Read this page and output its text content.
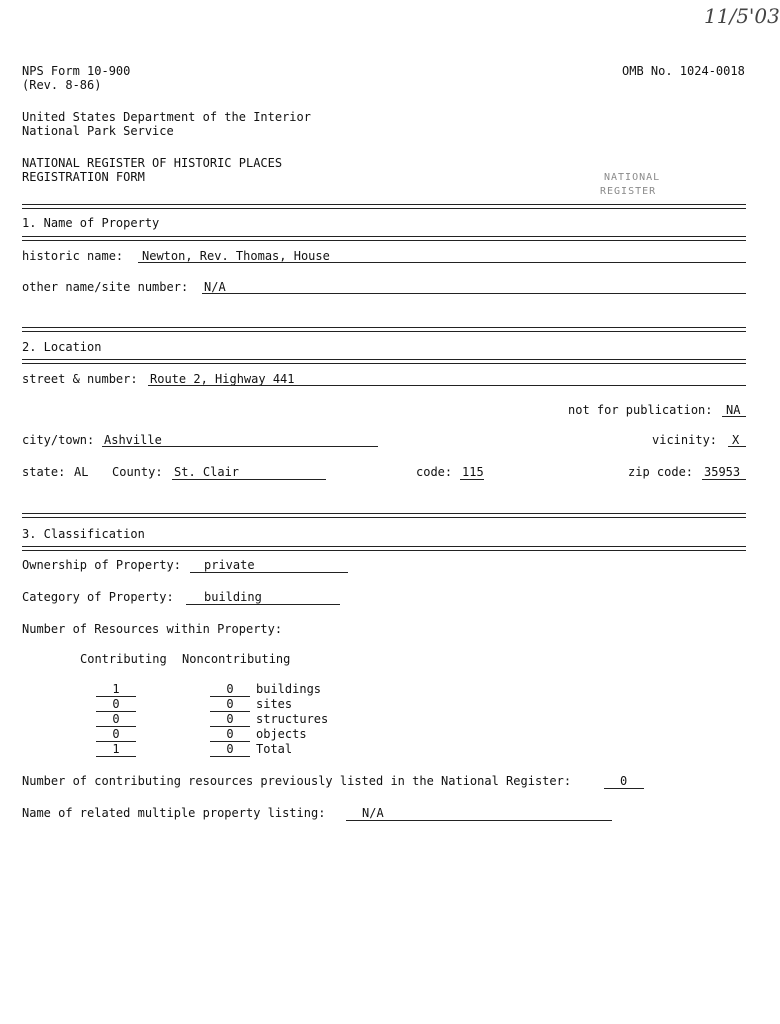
11/5'03
NPS Form 10-900
(Rev. 8-86)
OMB No. 1024-0018
United States Department of the Interior
National Park Service
NATIONAL REGISTER OF HISTORIC PLACES
REGISTRATION FORM	NATIONAL
REGISTER
1. Name of Property
historic name: Newton, Rev. Thomas, House
other name/site number: N/A
2. Location
street & number: Route 2, Highway 441
not for publication: NA
city/town: Ashville	vicinity: X
state: AL County: St. Clair	code: 115	zip code: 35953
3. Classification
Ownership of Property: private
Category of Property:	building
Number of Resources within Property:
Contributing Noncontributing
1	0	buildings
0	0	sites
0	0	structures
0	0	objects
1	0	Total
Number of contributing resources previously listed in the National Register:	0
Name of related multiple property listing:	N/A
